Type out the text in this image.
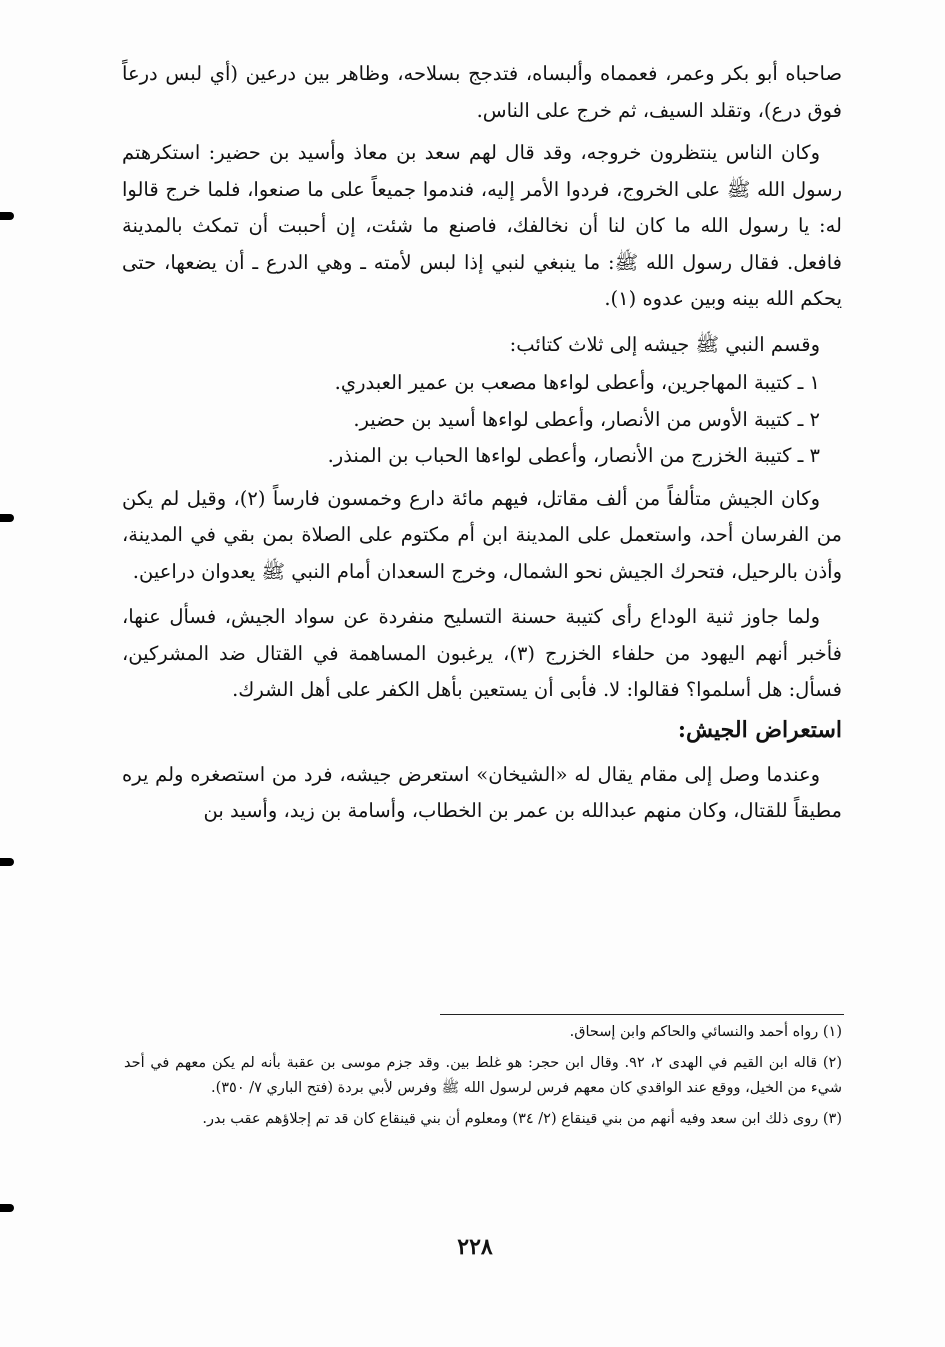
صاحباه أبو بكر وعمر، فعمماه وألبساه، فتدجج بسلاحه، وظاهر بين درعين (أي لبس درعاً فوق درع)، وتقلد السيف، ثم خرج على الناس.

وكان الناس ينتظرون خروجه، وقد قال لهم سعد بن معاذ وأسيد بن حضير: استكرهتم رسول الله ﷺ على الخروج، فردوا الأمر إليه، فندموا جميعاً على ما صنعوا، فلما خرج قالوا له: يا رسول الله ما كان لنا أن نخالفك، فاصنع ما شئت، إن أحببت أن تمكث بالمدينة فافعل. فقال رسول الله ﷺ: ما ينبغي لنبي إذا لبس لأمته ـ وهي الدرع ـ أن يضعها، حتى يحكم الله بينه وبين عدوه (١).

وقسم النبي ﷺ جيشه إلى ثلاث كتائب:

١ ـ كتيبة المهاجرين، وأعطى لواءها مصعب بن عمير العبدري.
٢ ـ كتيبة الأوس من الأنصار، وأعطى لواءها أسيد بن حضير.
٣ ـ كتيبة الخزرج من الأنصار، وأعطى لواءها الحباب بن المنذر.

وكان الجيش متألفاً من ألف مقاتل، فيهم مائة دارع وخمسون فارساً (٢)، وقيل لم يكن من الفرسان أحد، واستعمل على المدينة ابن أم مكتوم على الصلاة بمن بقي في المدينة، وأذن بالرحيل، فتحرك الجيش نحو الشمال، وخرج السعدان أمام النبي ﷺ يعدوان دراعين.

ولما جاوز ثنية الوداع رأى كتيبة حسنة التسليح منفردة عن سواد الجيش، فسأل عنها، فأخبر أنهم اليهود من حلفاء الخزرج (٣)، يرغبون المساهمة في القتال ضد المشركين، فسأل: هل أسلموا؟ فقالوا: لا. فأبى أن يستعين بأهل الكفر على أهل الشرك.

استعراض الجيش:

وعندما وصل إلى مقام يقال له «الشيخان» استعرض جيشه، فرد من استصغره ولم يره مطيقاً للقتال، وكان منهم عبدالله بن عمر بن الخطاب، وأسامة بن زيد، وأسيد بن

(١) رواه أحمد والنسائي والحاكم وابن إسحاق.

(٢) قاله ابن القيم في الهدى ٢، ٩٢. وقال ابن حجر: هو غلط بين. وقد جزم موسى بن عقبة بأنه لم يكن معهم في أحد شيء من الخيل، ووقع عند الواقدي كان معهم فرس لرسول الله ﷺ وفرس لأبي بردة (فتح الباري ٧/ ٣٥٠).

(٣) روى ذلك ابن سعد وفيه أنهم من بني قينقاع (٢/ ٣٤) ومعلوم أن بني قينقاع كان قد تم إجلاؤهم عقب بدر.

٢٢٨
